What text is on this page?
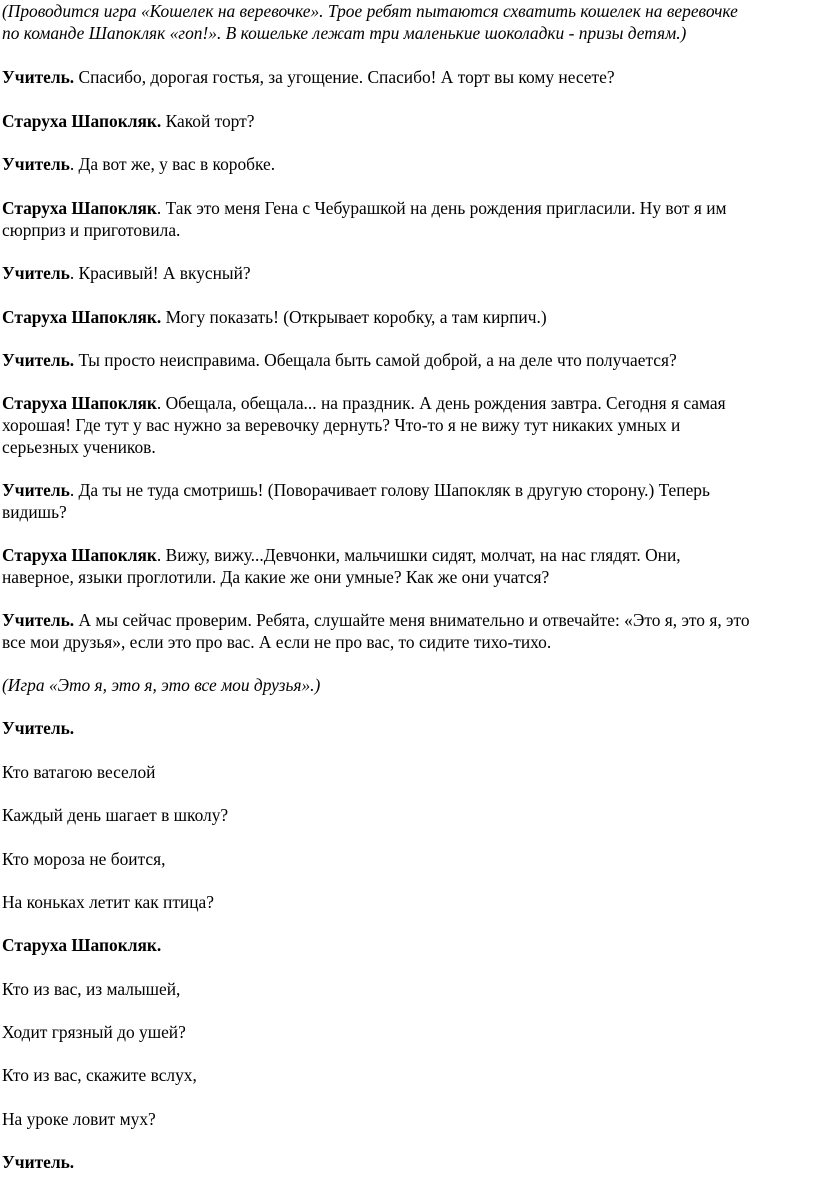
(Проводится игра «Кошелек на веревочке». Трое ребят пытаются схватить кошелек на веревочке

по команде Шапокляк «гоп!». В кошельке лежат три маленькие шоколадки - призы детям.)

Учитель. Спасибо, дорогая гостья, за угощение. Спасибо! А торт вы кому несете?

Старуха Шапокляк. Какой торт?

Учитель. Да вот же, у вас в коробке.

Старуха Шапокляк. Так это меня Гена с Чебурашкой на день рождения пригласили. Ну вот я им

сюрприз и приготовила.

Учитель. Красивый! А вкусный?

Старуха Шапокляк. Могу показать! (Открывает коробку, а там кирпич.)

Учитель. Ты просто неисправима. Обещала быть самой доброй, а на деле что получается?

Старуха Шапокляк. Обещала, обещала... на праздник. А день рождения завтра. Сегодня я самая

хорошая! Где тут у вас нужно за веревочку дернуть? Что-то я не вижу тут никаких умных и

серьезных учеников.

Учитель. Да ты не туда смотришь! (Поворачивает голову Шапокляк в другую сторону.) Теперь

видишь?

Старуха Шапокляк. Вижу, вижу...Девчонки, мальчишки сидят, молчат, на нас глядят. Они,

наверное, языки проглотили. Да какие же они умные? Как же они учатся?

Учитель. А мы сейчас проверим. Ребята, слушайте меня внимательно и отвечайте: «Это я, это я, это

все мои друзья», если это про вас. А если не про вас, то сидите тихо-тихо.

(Игра «Это я, это я, это все мои друзья».)

Учитель.

Кто ватагою веселой

Каждый день шагает в школу?

Кто мороза не боится,

На коньках летит как птица?

Старуха Шапокляк.

Кто из вас, из малышей,

Ходит грязный до ушей?

Кто из вас, скажите вслух,

На уроке ловит мух?

Учитель.
